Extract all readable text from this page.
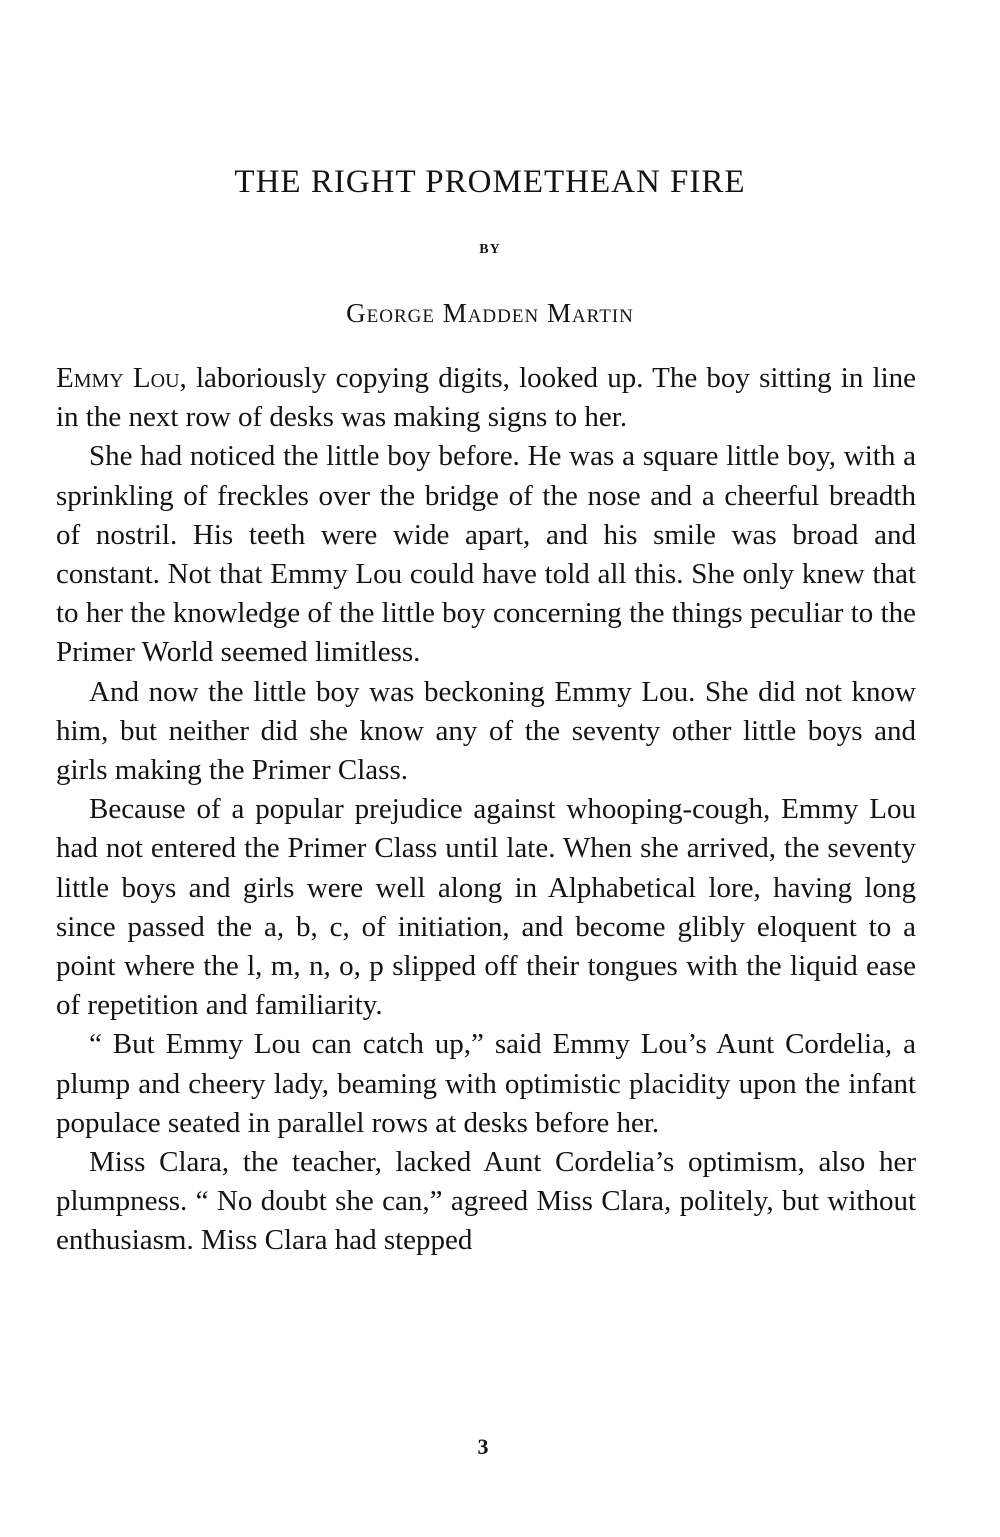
THE RIGHT PROMETHEAN FIRE
BY
George Madden Martin

Emmy Lou, laboriously copying digits, looked up. The boy sitting in line in the next row of desks was making signs to her.

She had noticed the little boy before. He was a square little boy, with a sprinkling of freckles over the bridge of the nose and a cheerful breadth of nostril. His teeth were wide apart, and his smile was broad and constant. Not that Emmy Lou could have told all this. She only knew that to her the knowledge of the little boy concerning the things peculiar to the Primer World seemed limitless.

And now the little boy was beckoning Emmy Lou. She did not know him, but neither did she know any of the seventy other little boys and girls making the Primer Class.

Because of a popular prejudice against whooping-cough, Emmy Lou had not entered the Primer Class until late. When she arrived, the seventy little boys and girls were well along in Alphabetical lore, having long since passed the a, b, c, of initiation, and become glibly eloquent to a point where the l, m, n, o, p slipped off their tongues with the liquid ease of repetition and familiarity.

“ But Emmy Lou can catch up,” said Emmy Lou’s Aunt Cordelia, a plump and cheery lady, beaming with optimistic placidity upon the infant populace seated in parallel rows at desks before her.

Miss Clara, the teacher, lacked Aunt Cordelia’s optimism, also her plumpness. “ No doubt she can,” agreed Miss Clara, politely, but without enthusiasm. Miss Clara had stepped

3
